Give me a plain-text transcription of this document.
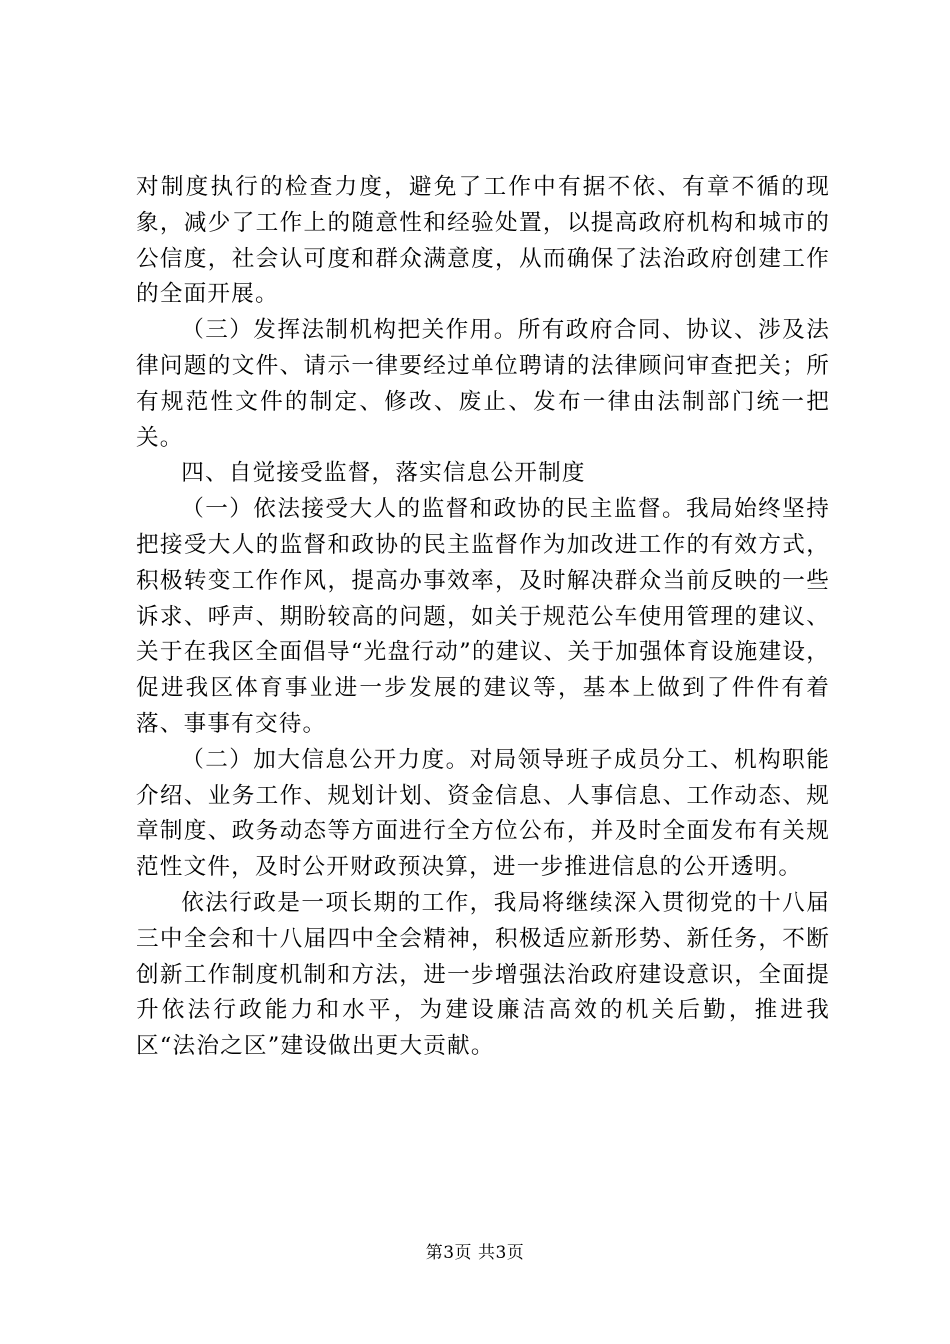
对制度执行的检查力度，避免了工作中有据不依、有章不循的现象，减少了工作上的随意性和经验处置，以提高政府机构和城市的公信度，社会认可度和群众满意度，从而确保了法治政府创建工作的全面开展。

（三）发挥法制机构把关作用。所有政府合同、协议、涉及法律问题的文件、请示一律要经过单位聘请的法律顾问审查把关；所有规范性文件的制定、修改、废止、发布一律由法制部门统一把关。

四、自觉接受监督，落实信息公开制度

（一）依法接受大人的监督和政协的民主监督。我局始终坚持把接受大人的监督和政协的民主监督作为加改进工作的有效方式，积极转变工作作风，提高办事效率，及时解决群众当前反映的一些诉求、呼声、期盼较高的问题，如关于规范公车使用管理的建议、关于在我区全面倡导“光盘行动”的建议、关于加强体育设施建设，促进我区体育事业进一步发展的建议等，基本上做到了件件有着落、事事有交待。

（二）加大信息公开力度。对局领导班子成员分工、机构职能介绍、业务工作、规划计划、资金信息、人事信息、工作动态、规章制度、政务动态等方面进行全方位公布，并及时全面发布有关规范性文件，及时公开财政预决算，进一步推进信息的公开透明。

依法行政是一项长期的工作，我局将继续深入贯彻党的十八届三中全会和十八届四中全会精神，积极适应新形势、新任务，不断创新工作制度机制和方法，进一步增强法治政府建设意识，全面提升依法行政能力和水平，为建设廉洁高效的机关后勤，推进我区“法治之区”建设做出更大贡献。

第3页 共3页
